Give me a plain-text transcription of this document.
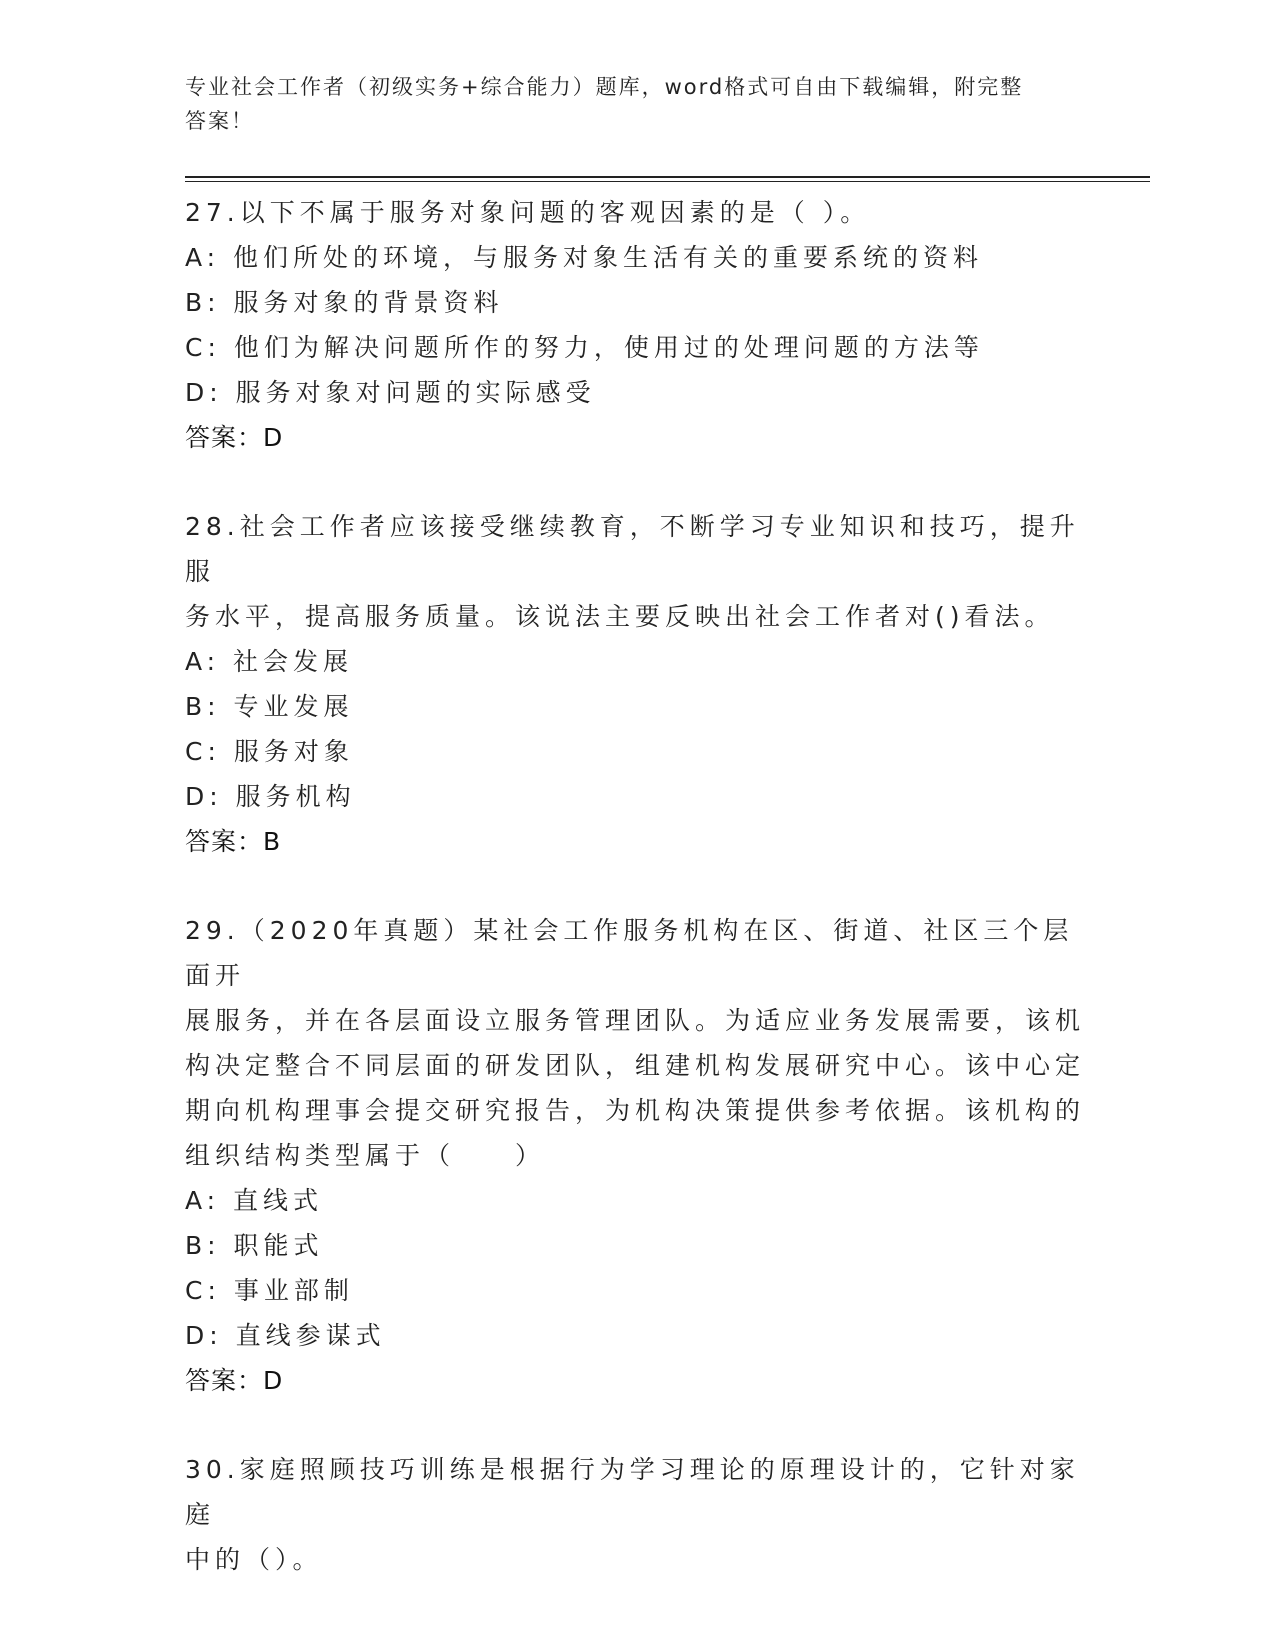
专业社会工作者（初级实务+综合能力）题库，word格式可自由下载编辑，附完整
答案！
27.以下不属于服务对象问题的客观因素的是（ ）。
A: 他们所处的环境，与服务对象生活有关的重要系统的资料
B: 服务对象的背景资料
C: 他们为解决问题所作的努力，使用过的处理问题的方法等
D: 服务对象对问题的实际感受
答案：D
28.社会工作者应该接受继续教育，不断学习专业知识和技巧，提升服
务水平，提高服务质量。该说法主要反映出社会工作者对()看法。
A: 社会发展
B: 专业发展
C: 服务对象
D: 服务机构
答案：B
29.（2020年真题）某社会工作服务机构在区、街道、社区三个层面开
展服务，并在各层面设立服务管理团队。为适应业务发展需要，该机
构决定整合不同层面的研发团队，组建机构发展研究中心。该中心定
期向机构理事会提交研究报告，为机构决策提供参考依据。该机构的
组织结构类型属于（　　）
A: 直线式
B: 职能式
C: 事业部制
D: 直线参谋式
答案：D
30.家庭照顾技巧训练是根据行为学习理论的原理设计的，它针对家庭
中的（）。
